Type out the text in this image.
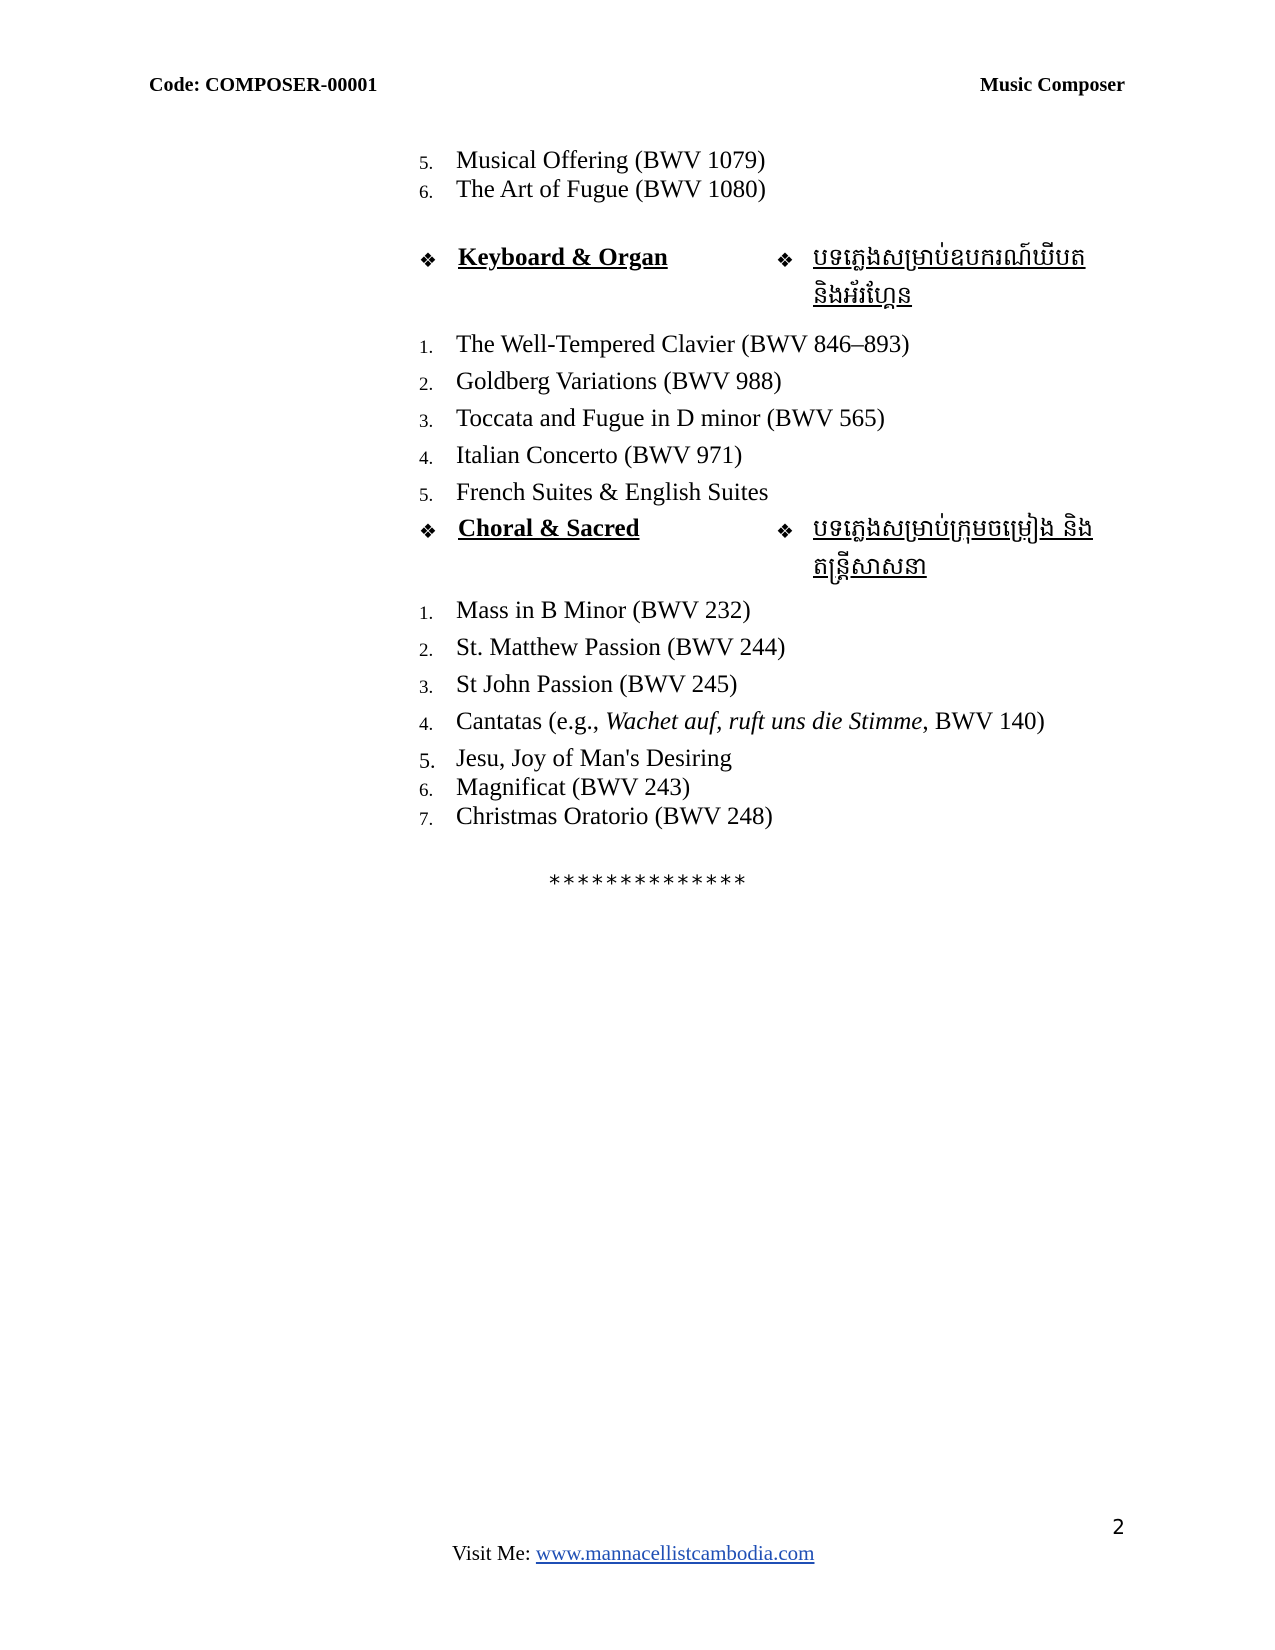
Code: COMPOSER-00001	Music Composer
5. Musical Offering (BWV 1079)
6. The Art of Fugue (BWV 1080)
❖ Keyboard & Organ	❖ បទភ្លេងសម្រាប់ឧបករណ៍ឃីបត និងអ័រហ្គែន
1. The Well-Tempered Clavier (BWV 846–893)
2. Goldberg Variations (BWV 988)
3. Toccata and Fugue in D minor (BWV 565)
4. Italian Concerto (BWV 971)
5. French Suites & English Suites
❖ Choral & Sacred	❖ បទភ្លេងសម្រាប់ក្រុមចម្រៀង និងតន្ត្រីសាសនា
1. Mass in B Minor (BWV 232)
2. St. Matthew Passion (BWV 244)
3. St John Passion (BWV 245)
4. Cantatas (e.g., Wachet auf, ruft uns die Stimme, BWV 140)
5. Jesu, Joy of Man's Desiring
6. Magnificat (BWV 243)
7. Christmas Oratorio (BWV 248)
**************
2
Visit Me: www.mannacellistcambodia.com
